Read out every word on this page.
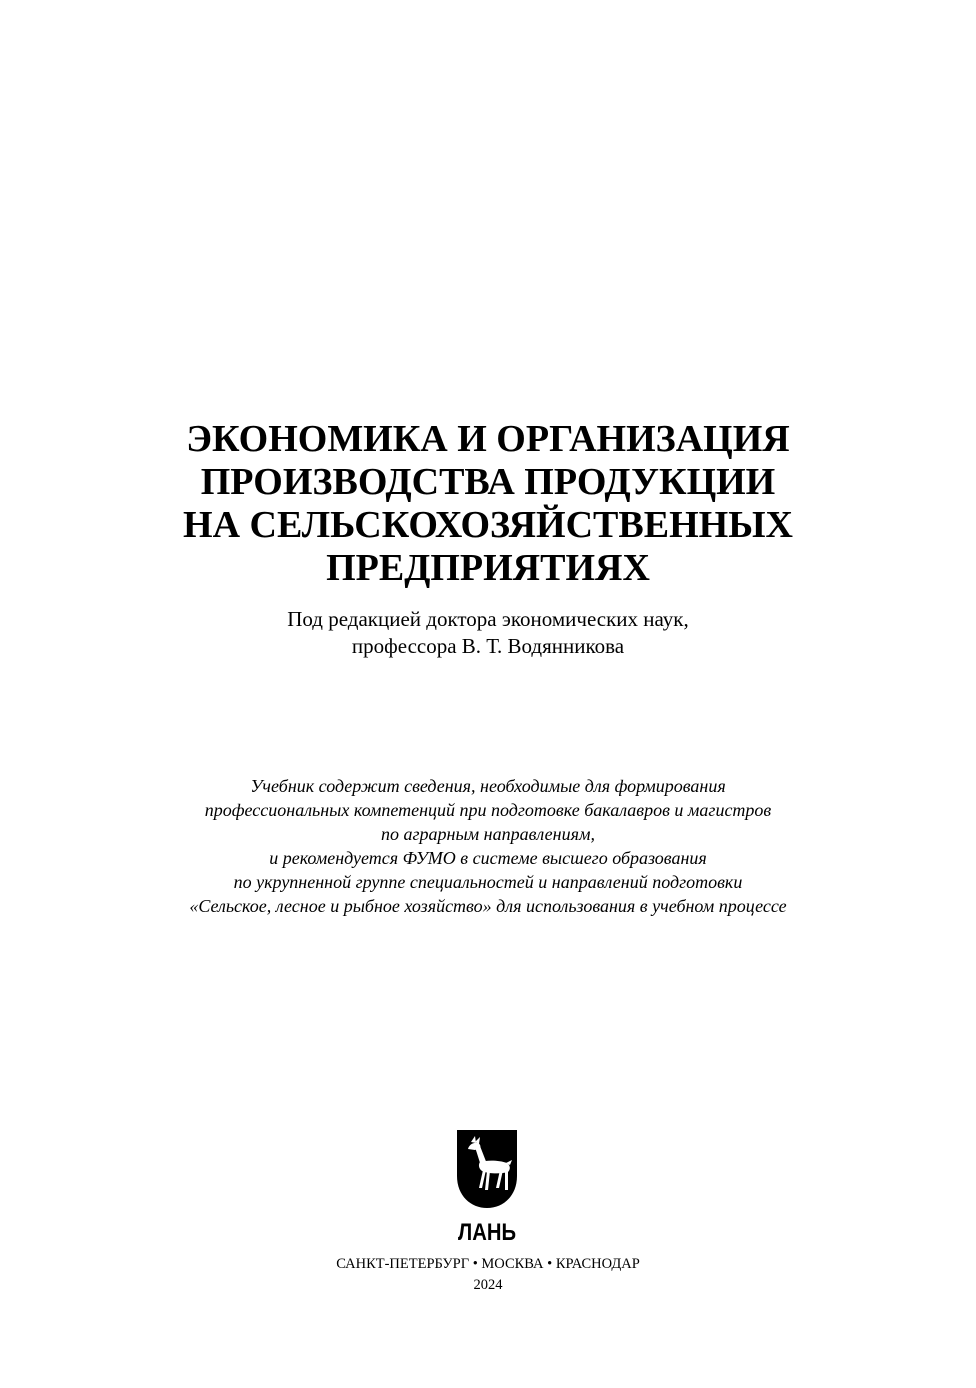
ЭКОНОМИКА И ОРГАНИЗАЦИЯ
ПРОИЗВОДСТВА ПРОДУКЦИИ
НА СЕЛЬСКОХОЗЯЙСТВЕННЫХ
ПРЕДПРИЯТИЯХ
Под редакцией доктора экономических наук,
профессора В. Т. Водянникова
Учебник содержит сведения, необходимые для формирования
профессиональных компетенций при подготовке бакалавров и магистров
по аграрным направлениям,
и рекомендуется ФУМО в системе высшего образования
по укрупненной группе специальностей и направлений подготовки
«Сельское, лесное и рыбное хозяйство» для использования в учебном процессе
ЛАНЬ
САНКТ-ПЕТЕРБУРГ • МОСКВА • КРАСНОДАР
2024
